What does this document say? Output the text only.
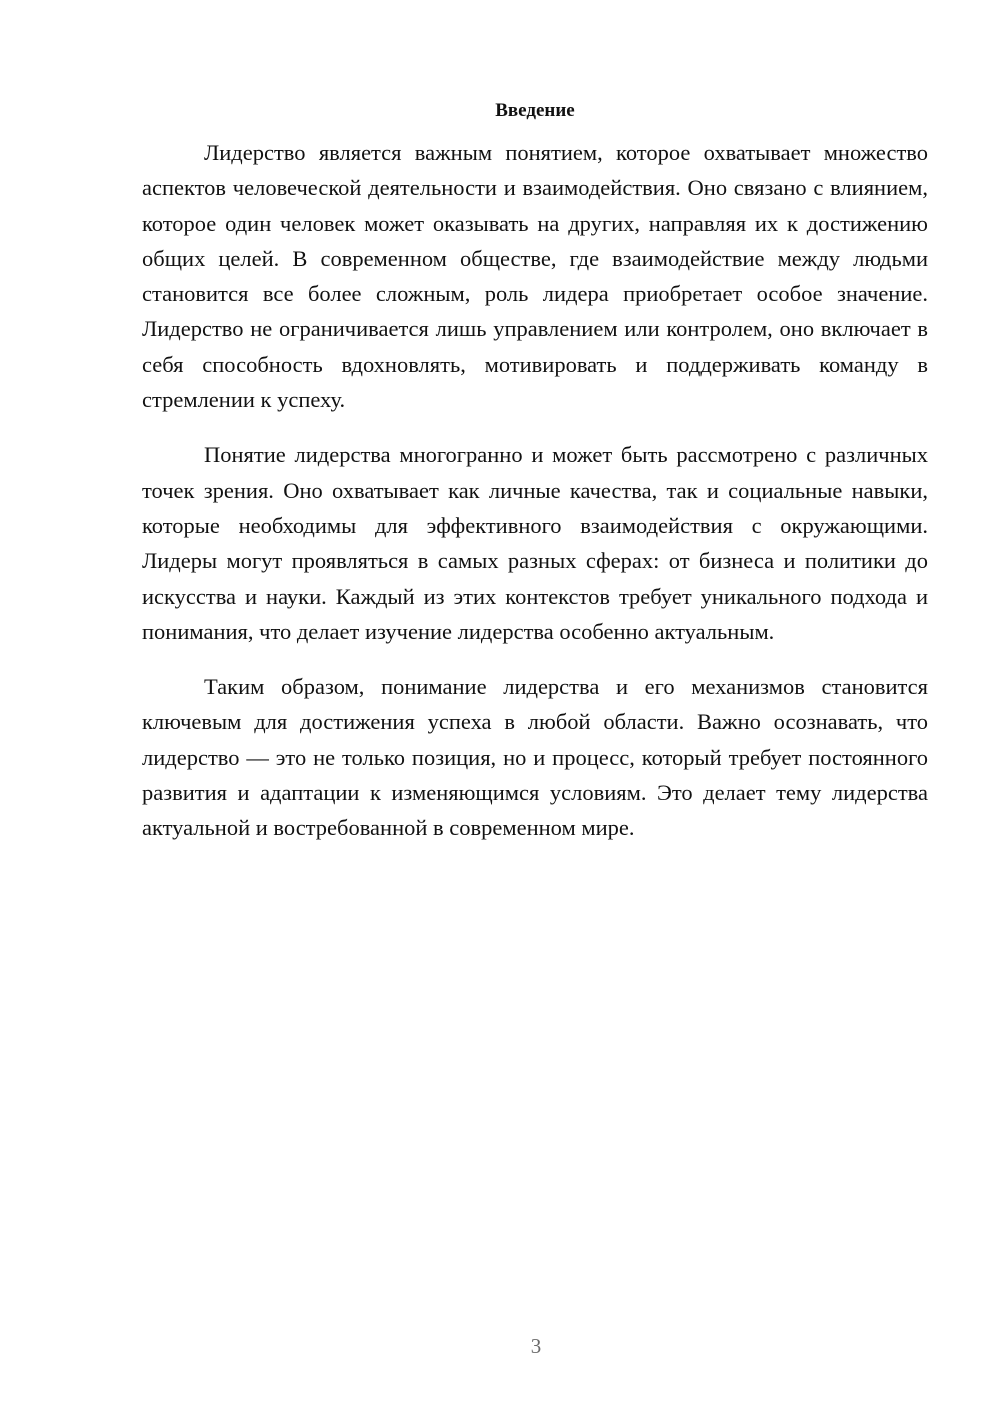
Введение

Лидерство является важным понятием, которое охватывает множество аспектов человеческой деятельности и взаимодействия. Оно связано с влиянием, которое один человек может оказывать на других, направляя их к достижению общих целей. В современном обществе, где взаимодействие между людьми становится все более сложным, роль лидера приобретает особое значение. Лидерство не ограничивается лишь управлением или контролем, оно включает в себя способность вдохновлять, мотивировать и поддерживать команду в стремлении к успеху.

Понятие лидерства многогранно и может быть рассмотрено с различных точек зрения. Оно охватывает как личные качества, так и социальные навыки, которые необходимы для эффективного взаимодействия с окружающими. Лидеры могут проявляться в самых разных сферах: от бизнеса и политики до искусства и науки. Каждый из этих контекстов требует уникального подхода и понимания, что делает изучение лидерства особенно актуальным.

Таким образом, понимание лидерства и его механизмов становится ключевым для достижения успеха в любой области. Важно осознавать, что лидерство — это не только позиция, но и процесс, который требует постоянного развития и адаптации к изменяющимся условиям. Это делает тему лидерства актуальной и востребованной в современном мире.

3
